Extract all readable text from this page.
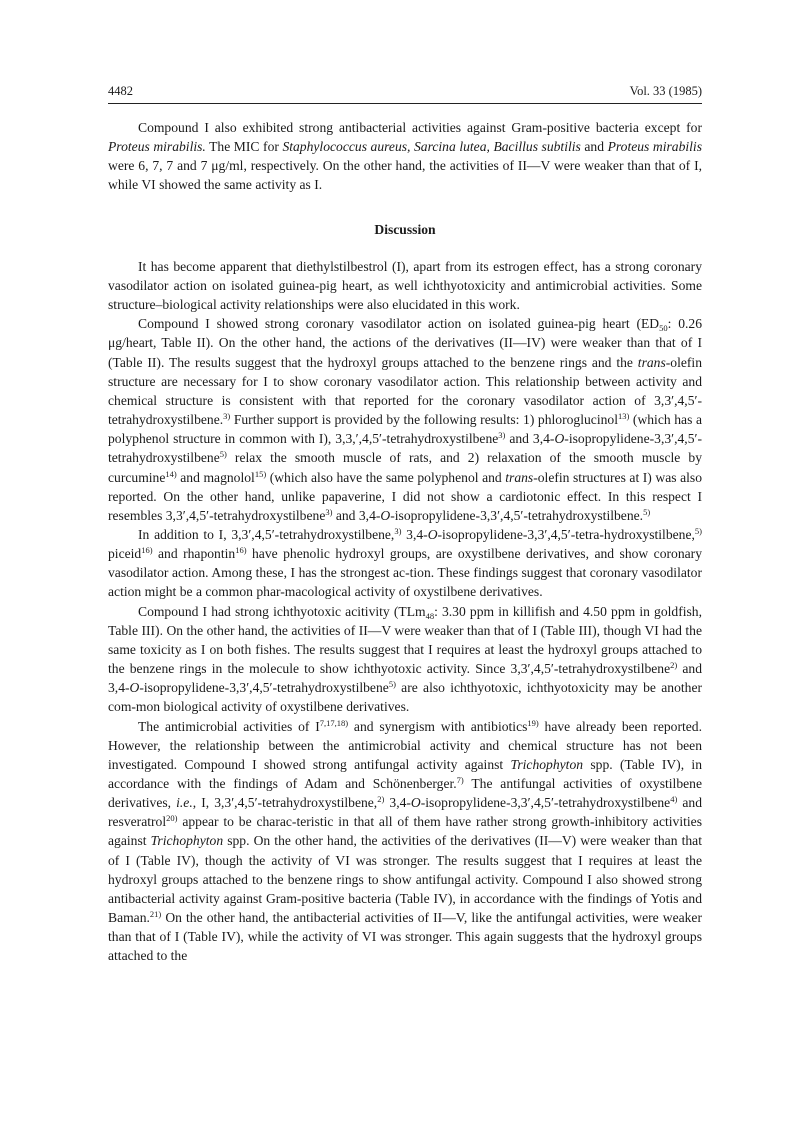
4482	Vol. 33 (1985)

Compound I also exhibited strong antibacterial activities against Gram-positive bacteria except for Proteus mirabilis. The MIC for Staphylococcus aureus, Sarcina lutea, Bacillus subtilis and Proteus mirabilis were 6, 7, 7 and 7 μg/ml, respectively. On the other hand, the activities of II—V were weaker than that of I, while VI showed the same activity as I.

Discussion

It has become apparent that diethylstilbestrol (I), apart from its estrogen effect, has a strong coronary vasodilator action on isolated guinea-pig heart, as well ichthyotoxicity and antimicrobial activities. Some structure–biological activity relationships were also elucidated in this work.

Compound I showed strong coronary vasodilator action on isolated guinea-pig heart ($ED_{50}$: 0.26 μg/heart, Table II). On the other hand, the actions of the derivatives (II—IV) were weaker than that of I (Table II). The results suggest that the hydroxyl groups attached to the benzene rings and the trans-olefin structure are necessary for I to show coronary vasodilator action. This relationship between activity and chemical structure is consistent with that reported for the coronary vasodilator action of 3,3′,4,5′-tetrahydroxystilbene.$^{3)}$ Further support is provided by the following results: 1) phloroglucinol$^{13)}$ (which has a polyphenol structure in common with I), 3,3,′,4,5′-tetrahydroxystilbene$^{3)}$ and 3,4-O-isopropylidene-3,3′,4,5′-tetrahydroxystilbene$^{5)}$ relax the smooth muscle of rats, and 2) relaxation of the smooth muscle by curcumine$^{14)}$ and magnolol$^{15)}$ (which also have the same polyphenol and trans-olefin structures at I) was also reported. On the other hand, unlike papaverine, I did not show a cardiotonic effect. In this respect I resembles 3,3′,4,5′-tetrahydroxystilbene$^{3)}$ and 3,4-O-isopropylidene-3,3′,4,5′-tetrahydroxystilbene.$^{5)}$

In addition to I, 3,3′,4,5′-tetrahydroxystilbene,$^{3)}$ 3,4-O-isopropylidene-3,3′,4,5′-tetra-hydroxystilbene,$^{5)}$ piceid$^{16)}$ and rhapontin$^{16)}$ have phenolic hydroxyl groups, are oxystilbene derivatives, and show coronary vasodilator action. Among these, I has the strongest ac-tion. These findings suggest that coronary vasodilator action might be a common phar-macological activity of oxystilbene derivatives.

Compound I had strong ichthyotoxic acitivity (TLm$_{48}$: 3.30 ppm in killifish and 4.50 ppm in goldfish, Table III). On the other hand, the activities of II—V were weaker than that of I (Table III), though VI had the same toxicity as I on both fishes. The results suggest that I requires at least the hydroxyl groups attached to the benzene rings in the molecule to show ichthyotoxic activity. Since 3,3′,4,5′-tetrahydroxystilbene$^{2)}$ and 3,4-O-isopropylidene-3,3′,4,5′-tetrahydroxystilbene$^{5)}$ are also ichthyotoxic, ichthyotoxicity may be another com-mon biological activity of oxystilbene derivatives.

The antimicrobial activities of I$^{7,17,18)}$ and synergism with antibiotics$^{19)}$ have already been reported. However, the relationship between the antimicrobial activity and chemical structure has not been investigated. Compound I showed strong antifungal activity against Trichophyton spp. (Table IV), in accordance with the findings of Adam and Schönenberger.$^{7)}$ The antifungal activities of oxystilbene derivatives, i.e., I, 3,3′,4,5′-tetrahydroxystilbene,$^{2)}$ 3,4-O-isopropylidene-3,3′,4,5′-tetrahydroxystilbene$^{4)}$ and resveratrol$^{20)}$ appear to be charac-teristic in that all of them have rather strong growth-inhibitory activities against Trichophyton spp. On the other hand, the activities of the derivatives (II—V) were weaker than that of I (Table IV), though the activity of VI was stronger. The results suggest that I requires at least the hydroxyl groups attached to the benzene rings to show antifungal activity. Compound I also showed strong antibacterial activity against Gram-positive bacteria (Table IV), in accordance with the findings of Yotis and Baman.$^{21)}$ On the other hand, the antibacterial activities of II—V, like the antifungal activities, were weaker than that of I (Table IV), while the activity of VI was stronger. This again suggests that the hydroxyl groups attached to the
